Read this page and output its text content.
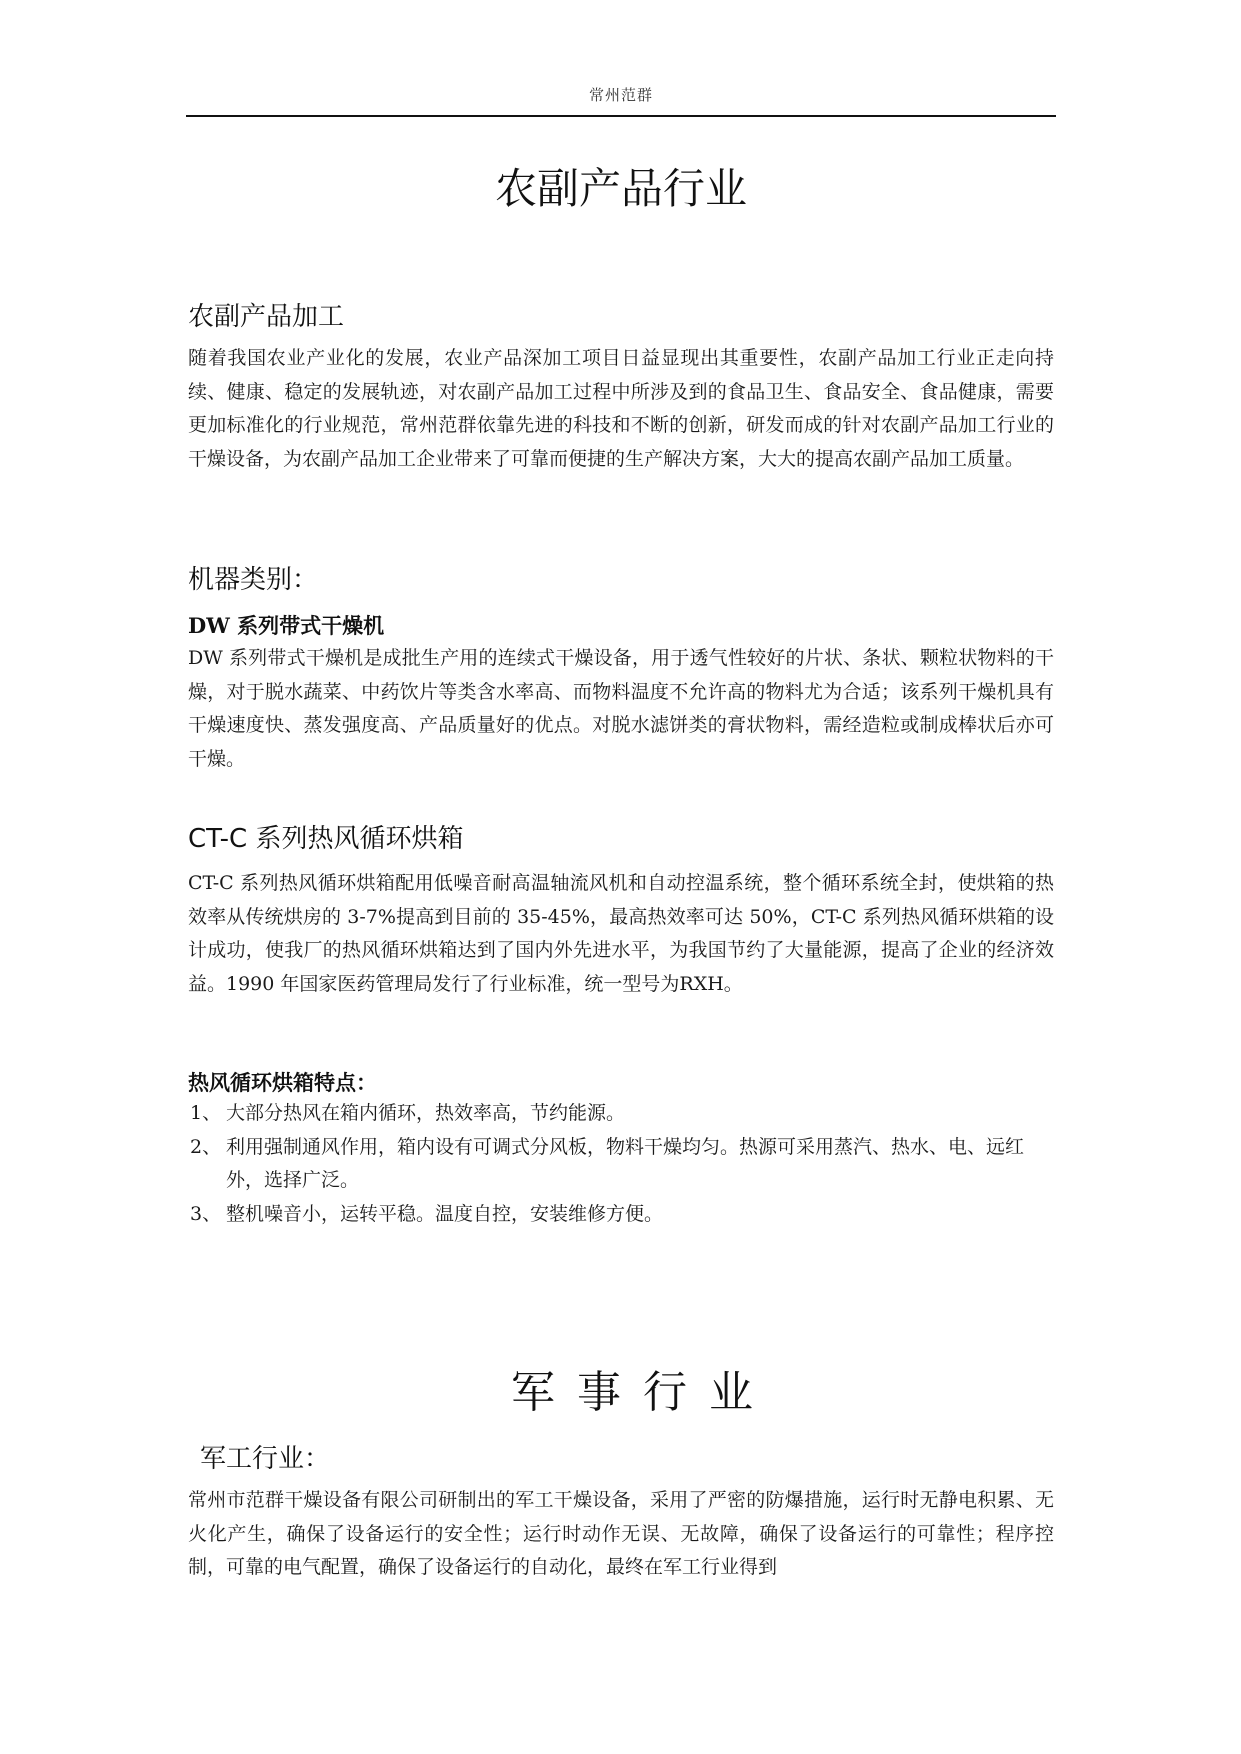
常州范群
农副产品行业
农副产品加工

随着我国农业产业化的发展，农业产品深加工项目日益显现出其重要性，农副产品加工行业正走向持续、健康、稳定的发展轨迹，对农副产品加工过程中所涉及到的食品卫生、食品安全、食品健康，需要更加标准化的行业规范，常州范群依靠先进的科技和不断的创新，研发而成的针对农副产品加工行业的干燥设备，为农副产品加工企业带来了可靠而便捷的生产解决方案，大大的提高农副产品加工质量。

机器类别：
DW 系列带式干燥机

DW 系列带式干燥机是成批生产用的连续式干燥设备，用于透气性较好的片状、条状、颗粒状物料的干燥，对于脱水蔬菜、中药饮片等类含水率高、而物料温度不允许高的物料尤为合适；该系列干燥机具有干燥速度快、蒸发强度高、产品质量好的优点。对脱水滤饼类的膏状物料，需经造粒或制成棒状后亦可干燥。

CT-C 系列热风循环烘箱

CT-C 系列热风循环烘箱配用低噪音耐高温轴流风机和自动控温系统，整个循环系统全封，使烘箱的热效率从传统烘房的 3-7%提高到目前的 35-45%，最高热效率可达 50%，CT-C 系列热风循环烘箱的设计成功，使我厂的热风循环烘箱达到了国内外先进水平，为我国节约了大量能源，提高了企业的经济效益。1990 年国家医药管理局发行了行业标准，统一型号为RXH。

热风循环烘箱特点：
1、 大部分热风在箱内循环，热效率高，节约能源。
2、 利用强制通风作用，箱内设有可调式分风板，物料干燥均匀。热源可采用蒸汽、热水、电、远红外，选择广泛。
3、 整机噪音小，运转平稳。温度自控，安装维修方便。
军事行业
军工行业：

常州市范群干燥设备有限公司研制出的军工干燥设备，采用了严密的防爆措施，运行时无静电积累、无火化产生，确保了设备运行的安全性；运行时动作无误、无故障，确保了设备运行的可靠性；程序控制，可靠的电气配置，确保了设备运行的自动化，最终在军工行业得到
